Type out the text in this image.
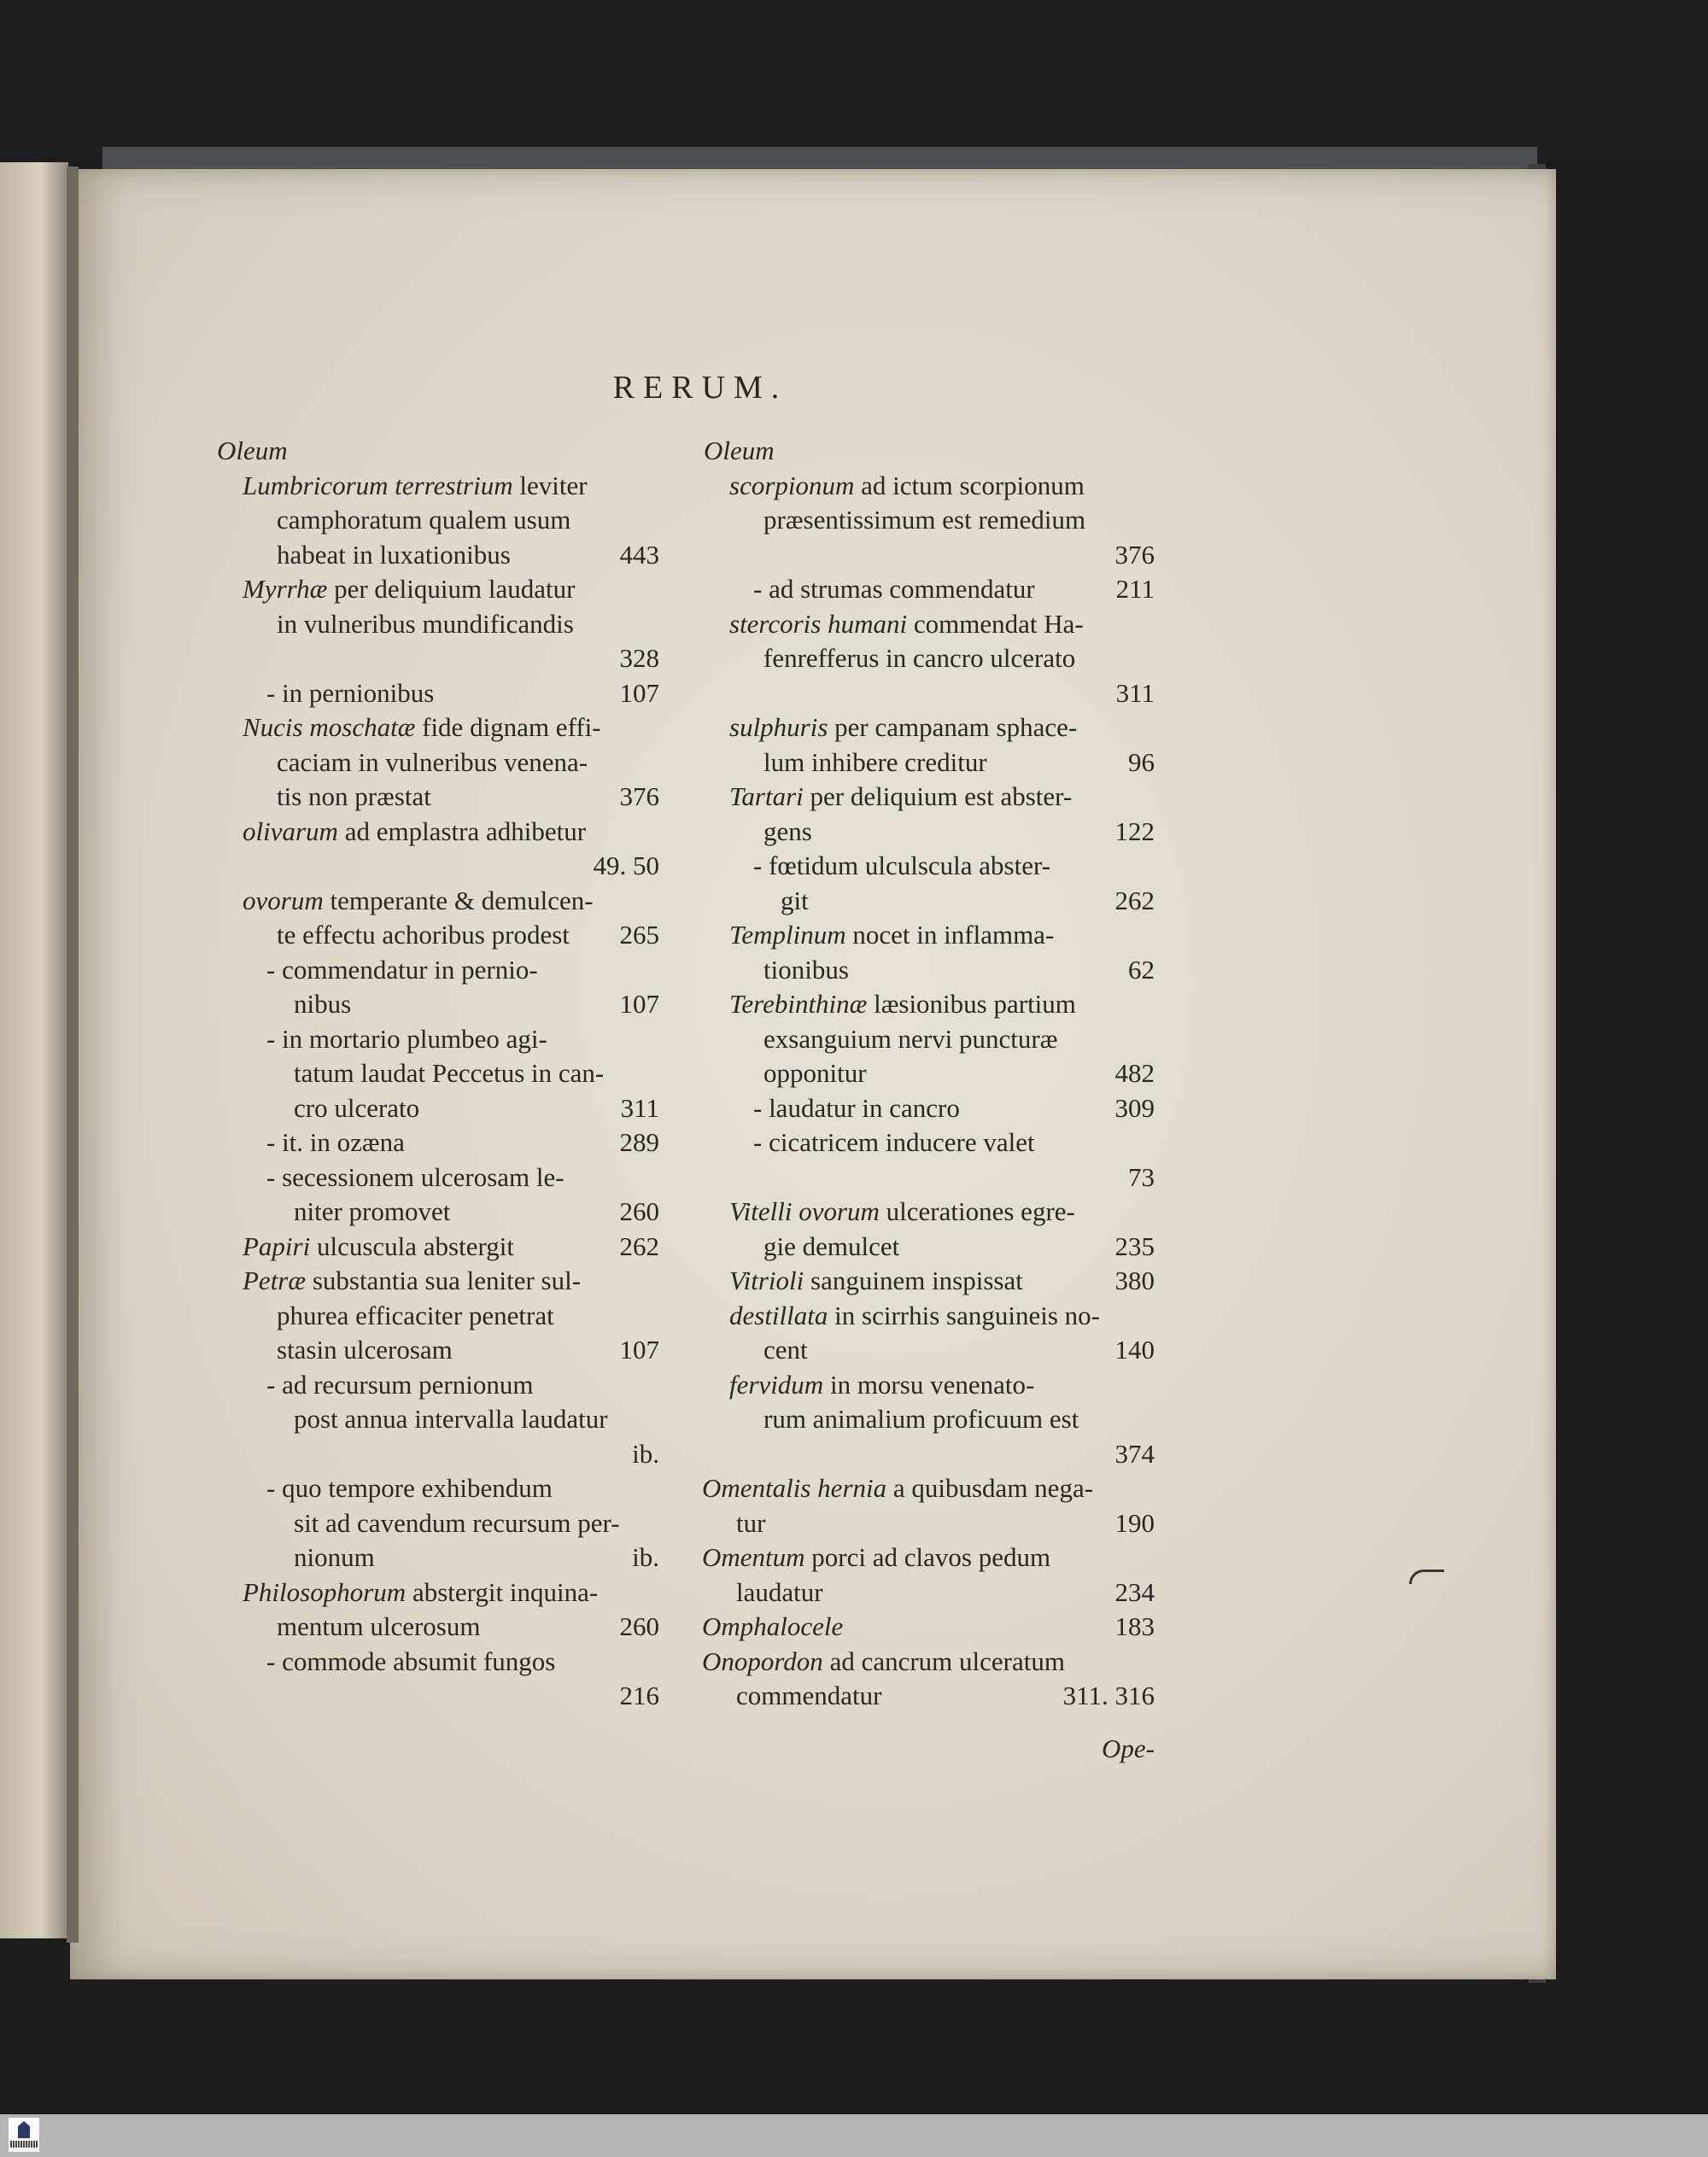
RERUM.
Oleum
Lumbricorum terrestrium leviter
camphoratum qualem usum
habeat in luxationibus	443
Myrrhæ per deliquium laudatur
in vulneribus mundificandis
328
- in pernionibus	107
Nucis moschatæ fide dignam effi-
caciam in vulneribus venena-
tis non præstat	376
olivarum ad emplastra adhibetur
49. 50
ovorum temperante & demulcen-
te effectu achoribus prodest 265
- commendatur in pernio-
nibus	107
- in mortario plumbeo agi-
tatum laudat Peccetus in can-
cro ulcerato	311
- it. in ozæna	289
- secessionem ulcerosam le-
niter promovet	260
Papiri ulcuscula abstergit	262
Petræ substantia sua leniter sul-
phurea efficaciter penetrat
stasin ulcerosam	107
- ad recursum pernionum
post annua intervalla laudatur
ib.
- quo tempore exhibendum
sit ad cavendum recursum per-
nionum	ib.
Philosophorum abstergit inquina-
mentum ulcerosum	260
- commode absumit fungos
216
Oleum
scorpionum ad ictum scorpionum
præsentissimum est remedium
376
- ad strumas commendatur	211
stercoris humani commendat Ha-
fenrefferus in cancro ulcerato
311
sulphuris per campanam sphace-
lum inhibere creditur	96
Tartari per deliquium est abster-
gens	122
- fœtidum ulculscula abster-
git	262
Templinum nocet in inflamma-
tionibus	62
Terebinthinæ læsionibus partium
exsanguium nervi puncturæ
opponitur	482
- laudatur in cancro	309
- cicatricem inducere valet
73
Vitelli ovorum ulcerationes egre-
gie demulcet	235
Vitrioli sanguinem inspissat	380
destillata in scirrhis sanguineis no-
cent	140
fervidum in morsu venenato-
rum animalium proficuum est
374
Omentalis hernia a quibusdam nega-
tur	190
Omentum porci ad clavos pedum
laudatur	234
Omphalocele	183
Onopordon ad cancrum ulceratum
commendatur	311. 316
Ope-
